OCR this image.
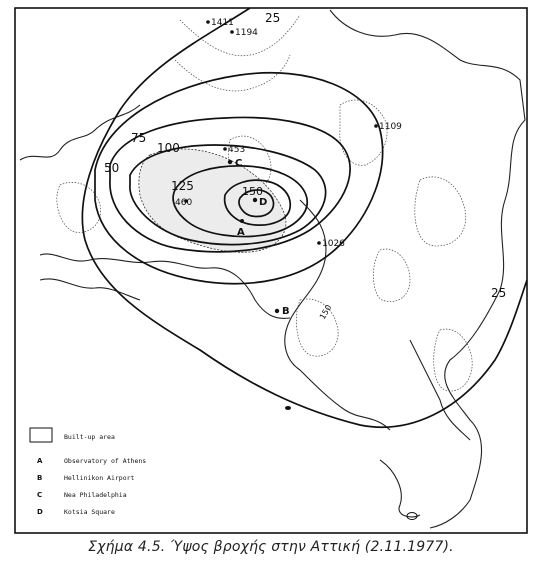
25
50
75
100
125	150
25
1411
1194
1109
453
1026
460
150
A
B
C
D
Built-up area
A	Observatory of Athens
B	Hellinikon Airport
C	Nea Philadelphia
D	Kotsia Square
Σχήμα 4.5. Ύψος βροχής στην Αττική (2.11.1977).
